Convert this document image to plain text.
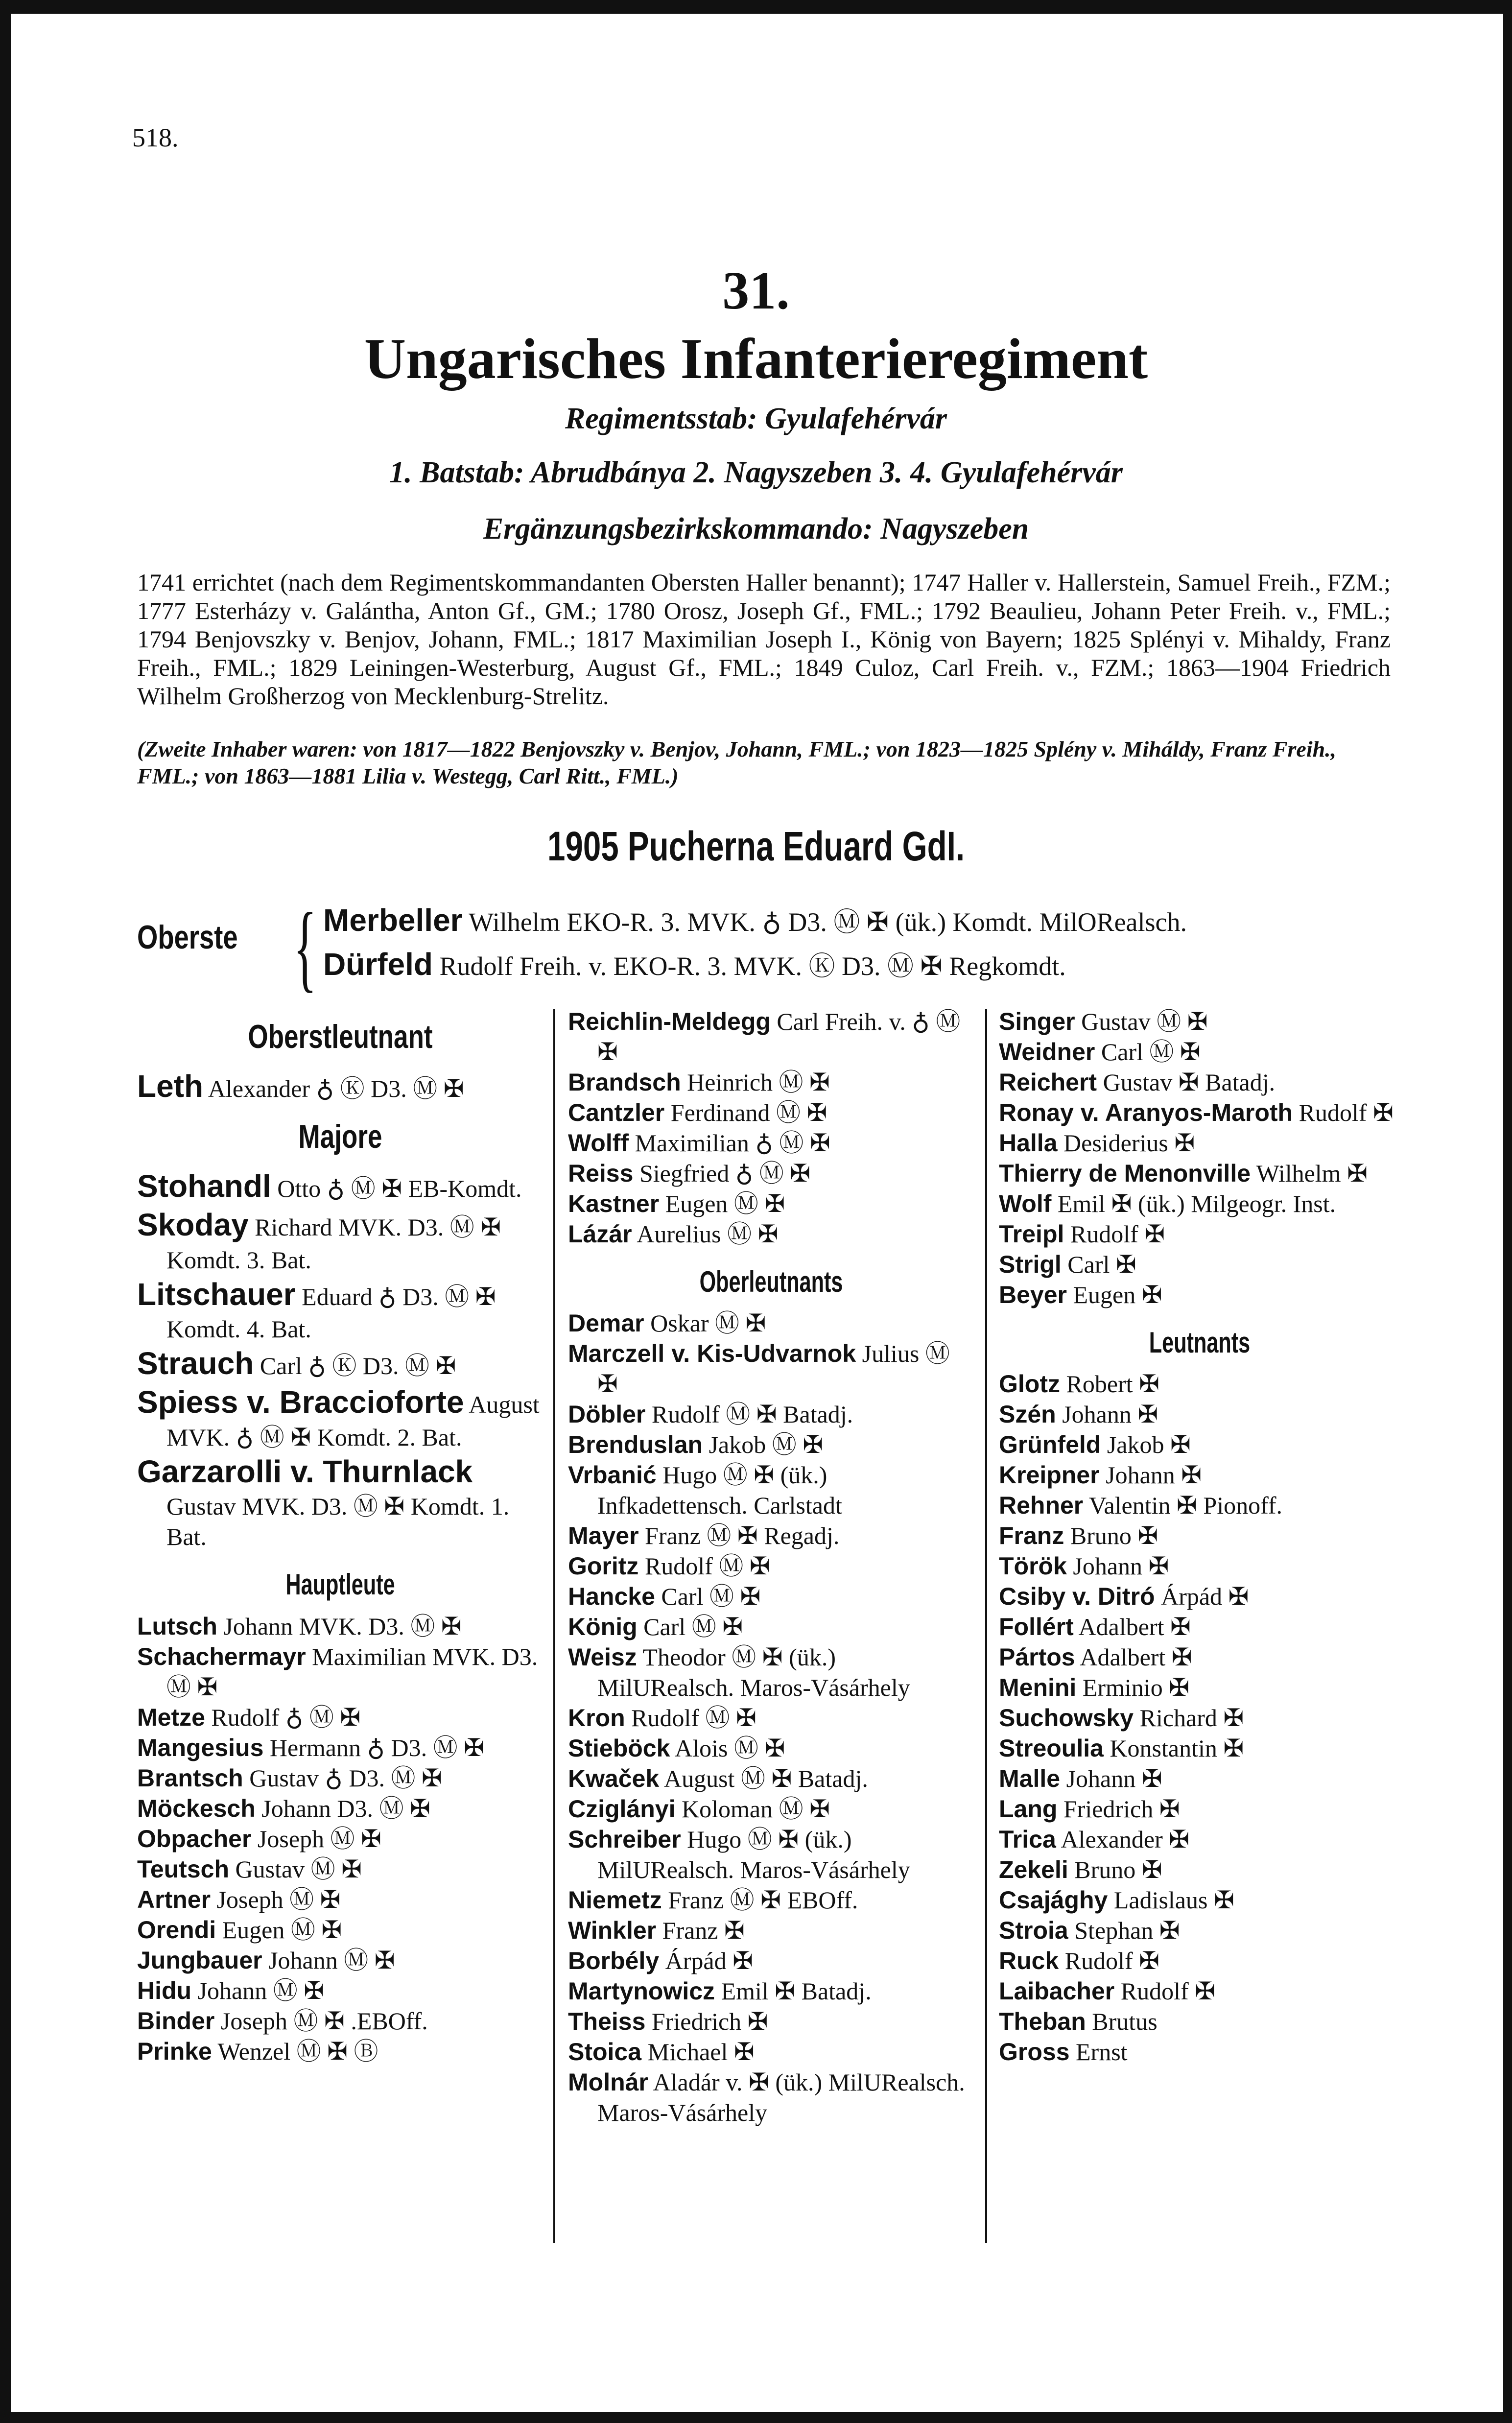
518.
31.
Ungarisches Infanterieregiment
Regimentsstab: Gyulafehérvár
1. Batstab: Abrudbánya 2. Nagyszeben 3. 4. Gyulafehérvár
Ergänzungsbezirkskommando: Nagyszeben
1741 errichtet (nach dem Regimentskommandanten Obersten Haller benannt); 1747 Haller v. Hallerstein, Samuel Freih., FZM.; 1777 Esterházy v. Galántha, Anton Gf., GM.; 1780 Orosz, Joseph Gf., FML.; 1792 Beaulieu, Johann Peter Freih. v., FML.; 1794 Benjovszky v. Benjov, Johann, FML.; 1817 Maximilian Joseph I., König von Bayern; 1825 Splényi v. Mihaldy, Franz Freih., FML.; 1829 Leiningen-Westerburg, August Gf., FML.; 1849 Culoz, Carl Freih. v., FZM.; 1863—1904 Friedrich Wilhelm Großherzog von Mecklenburg-Strelitz.
(Zweite Inhaber waren: von 1817—1822 Benjovszky v. Benjov, Johann, FML.; von 1823—1825 Splény v. Miháldy, Franz Freih., FML.; von 1863—1881 Lilia v. Westegg, Carl Ritt., FML.)
1905 Pucherna Eduard GdI.
Oberste { Merbeller Wilhelm EKO-R. 3. MVK. ♁ D3. Ⓜ ✠ (ük.) Komdt. MilORealsch.
Dürfeld Rudolf Freih. v. EKO-R. 3. MVK. Ⓚ D3. Ⓜ ✠ Regkomdt.
Oberstleutnant

Leth Alexander ♁ Ⓚ D3. Ⓜ ✠

Majore

Stohandl Otto ♁ Ⓜ ✠ EB-Komdt.

Skoday Richard MVK. D3. Ⓜ ✠ Komdt. 3. Bat.

Litschauer Eduard ♁ D3. Ⓜ ✠ Komdt. 4. Bat.

Strauch Carl ♁ Ⓚ D3. Ⓜ ✠

Spiess v. Braccioforte August MVK. ♁ Ⓜ ✠ Komdt. 2. Bat.

Garzarolli v. Thurnlack Gustav MVK. D3. Ⓜ ✠ Komdt. 1. Bat.

Hauptleute

Lutsch Johann MVK. D3. Ⓜ ✠

Schachermayr Maximilian MVK. D3. Ⓜ ✠

Metze Rudolf ♁ Ⓜ ✠

Mangesius Hermann ♁ D3. Ⓜ ✠

Brantsch Gustav ♁ D3. Ⓜ ✠

Möckesch Johann D3. Ⓜ ✠

Obpacher Joseph Ⓜ ✠

Teutsch Gustav Ⓜ ✠

Artner Joseph Ⓜ ✠

Orendi Eugen Ⓜ ✠

Jungbauer Johann Ⓜ ✠

Hidu Johann Ⓜ ✠

Binder Joseph Ⓜ ✠ .EBOff.

Prinke Wenzel Ⓜ ✠ Ⓑ

Reichlin-Meldegg Carl Freih. v. ♁ Ⓜ ✠

Brandsch Heinrich Ⓜ ✠

Cantzler Ferdinand Ⓜ ✠

Wolff Maximilian ♁ Ⓜ ✠

Reiss Siegfried ♁ Ⓜ ✠

Kastner Eugen Ⓜ ✠

Lázár Aurelius Ⓜ ✠

Oberleutnants

Demar Oskar Ⓜ ✠

Marczell v. Kis-Udvarnok Julius Ⓜ ✠

Döbler Rudolf Ⓜ ✠ Batadj.

Brenduslan Jakob Ⓜ ✠

Vrbanić Hugo Ⓜ ✠ (ük.) Infkadettensch. Carlstadt

Mayer Franz Ⓜ ✠ Regadj.

Goritz Rudolf Ⓜ ✠

Hancke Carl Ⓜ ✠

König Carl Ⓜ ✠

Weisz Theodor Ⓜ ✠ (ük.) MilURealsch. Maros-Vásárhely

Kron Rudolf Ⓜ ✠

Stieböck Alois Ⓜ ✠

Kwaček August Ⓜ ✠ Batadj.

Cziglányi Koloman Ⓜ ✠

Schreiber Hugo Ⓜ ✠ (ük.) MilURealsch. Maros-Vásárhely

Niemetz Franz Ⓜ ✠ EBOff.

Winkler Franz ✠

Borbély Árpád ✠

Martynowicz Emil ✠ Batadj.

Theiss Friedrich ✠

Stoica Michael ✠

Molnár Aladár v. ✠ (ük.) MilURealsch. Maros-Vásárhely

Singer Gustav Ⓜ ✠

Weidner Carl Ⓜ ✠

Reichert Gustav ✠ Batadj.

Ronay v. Aranyos-Maroth Rudolf ✠

Halla Desiderius ✠

Thierry de Menonville Wilhelm ✠

Wolf Emil ✠ (ük.) Milgeogr. Inst.

Treipl Rudolf ✠

Strigl Carl ✠

Beyer Eugen ✠

Leutnants

Glotz Robert ✠

Szén Johann ✠

Grünfeld Jakob ✠

Kreipner Johann ✠

Rehner Valentin ✠ Pionoff.

Franz Bruno ✠

Török Johann ✠

Csiby v. Ditró Árpád ✠

Follért Adalbert ✠

Pártos Adalbert ✠

Menini Erminio ✠

Suchowsky Richard ✠

Streoulia Konstantin ✠

Malle Johann ✠

Lang Friedrich ✠

Trica Alexander ✠

Zekeli Bruno ✠

Csajághy Ladislaus ✠

Stroia Stephan ✠

Ruck Rudolf ✠

Laibacher Rudolf ✠

Theban Brutus

Gross Ernst
